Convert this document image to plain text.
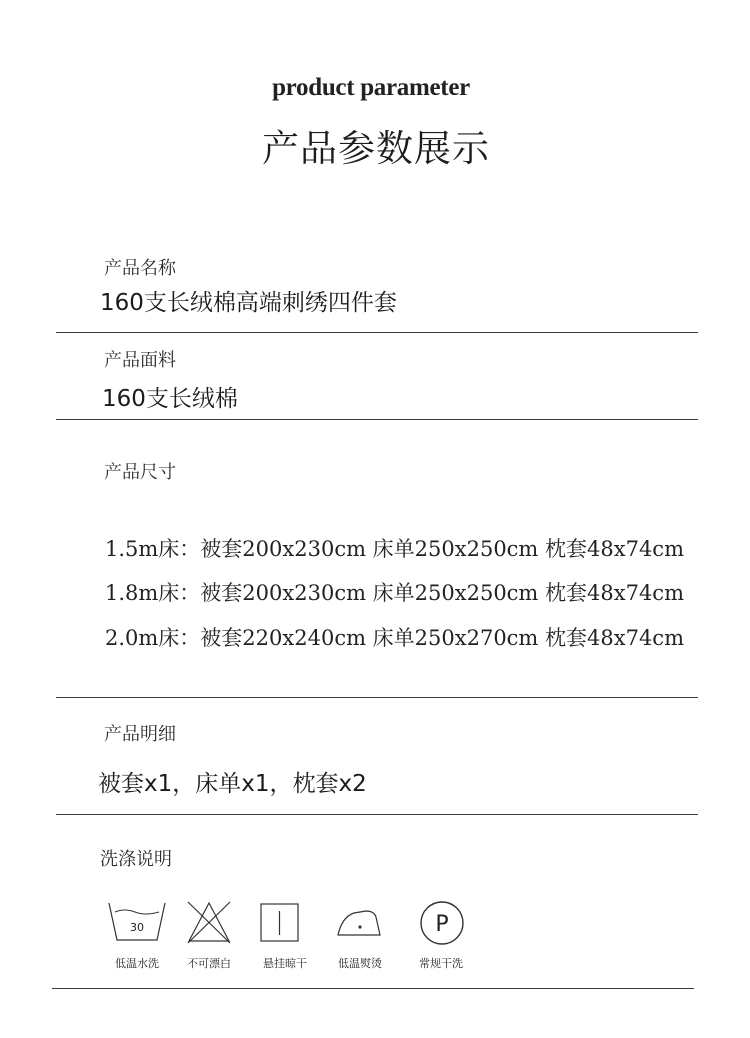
product parameter
产品参数展示
产品名称
160支长绒棉高端刺绣四件套
产品面料
160支长绒棉
产品尺寸
1.5m床：被套200x230cm 床单250x250cm 枕套48x74cm
1.8m床：被套200x230cm 床单250x250cm 枕套48x74cm
2.0m床：被套220x240cm 床单250x270cm 枕套48x74cm
产品明细
被套x1，床单x1，枕套x2
洗涤说明
30
低温水洗	不可漂白	悬挂晾干	低温熨烫
P
常规干洗
